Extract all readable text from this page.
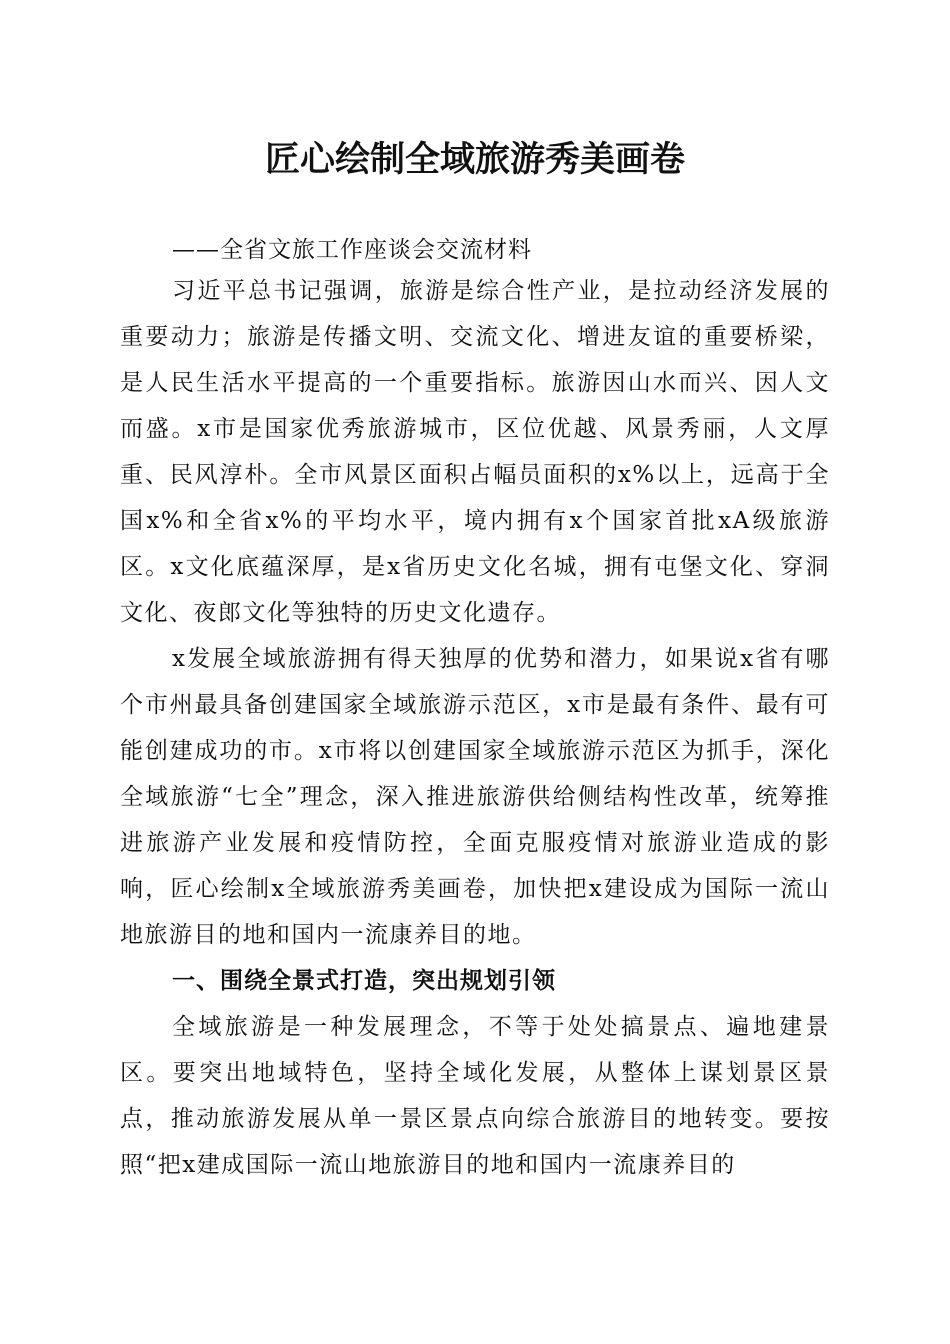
匠心绘制全域旅游秀美画卷

——全省文旅工作座谈会交流材料

习近平总书记强调，旅游是综合性产业，是拉动经济发展的重要动力；旅游是传播文明、交流文化、增进友谊的重要桥梁，是人民生活水平提高的一个重要指标。旅游因山水而兴、因人文而盛。x市是国家优秀旅游城市，区位优越、风景秀丽，人文厚重、民风淳朴。全市风景区面积占幅员面积的x%以上，远高于全国x%和全省x%的平均水平，境内拥有x个国家首批xA级旅游区。x文化底蕴深厚，是x省历史文化名城，拥有屯堡文化、穿洞文化、夜郎文化等独特的历史文化遗存。

x发展全域旅游拥有得天独厚的优势和潜力，如果说x省有哪个市州最具备创建国家全域旅游示范区，x市是最有条件、最有可能创建成功的市。x市将以创建国家全域旅游示范区为抓手，深化全域旅游“七全”理念，深入推进旅游供给侧结构性改革，统筹推进旅游产业发展和疫情防控，全面克服疫情对旅游业造成的影响，匠心绘制x全域旅游秀美画卷，加快把x建设成为国际一流山地旅游目的地和国内一流康养目的地。

一、围绕全景式打造，突出规划引领

全域旅游是一种发展理念，不等于处处搞景点、遍地建景区。要突出地域特色，坚持全域化发展，从整体上谋划景区景点，推动旅游发展从单一景区景点向综合旅游目的地转变。要按照“把x建成国际一流山地旅游目的地和国内一流康养目的
